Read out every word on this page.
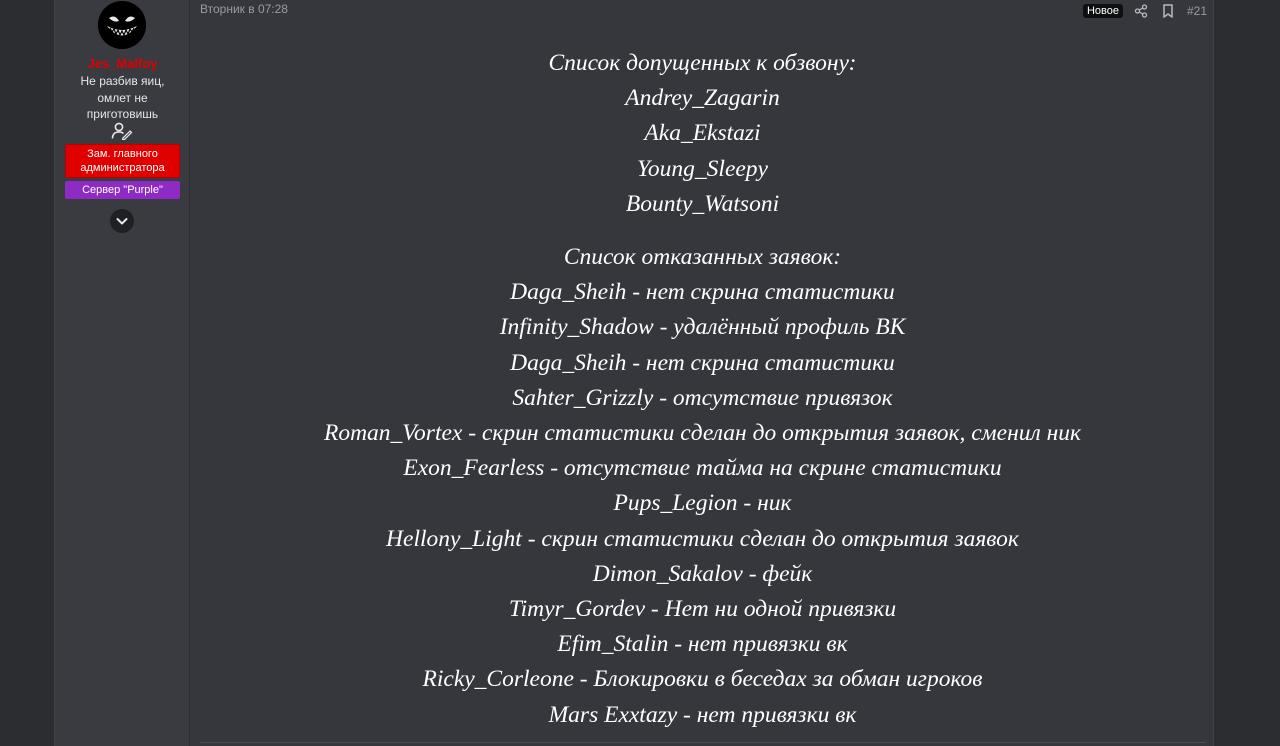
Jes_Malfoy
Не разбив яиц, омлет не приготовишь
Зам. главного администратора
Сервер "Purple"
Вторник в 07:28	Новое	#21
Список допущенных к обзвону:
Andrey_Zagarin
Aka_Ekstazi
Young_Sleepy
Bounty_Watsoni
Список отказанных заявок:
Daga_Sheih - нет скрина статистики
Infinity_Shadow - удалённый профиль ВК
Daga_Sheih - нет скрина статистики
Sahter_Grizzly - отсутствие привязок
Roman_Vortex - скрин статистики сделан до открытия заявок, сменил ник
Exon_Fearless - отсутствие тайма на скрине статистики
Pups_Legion - ник
Hellony_Light - скрин статистики сделан до открытия заявок
Dimon_Sakalov - фейк
Timyr_Gordev - Нет ни одной привязки
Efim_Stalin - нет привязки вк
Ricky_Corleone - Блокировки в беседах за обман игроков
Mars Exxtazy - нет привязки вк
